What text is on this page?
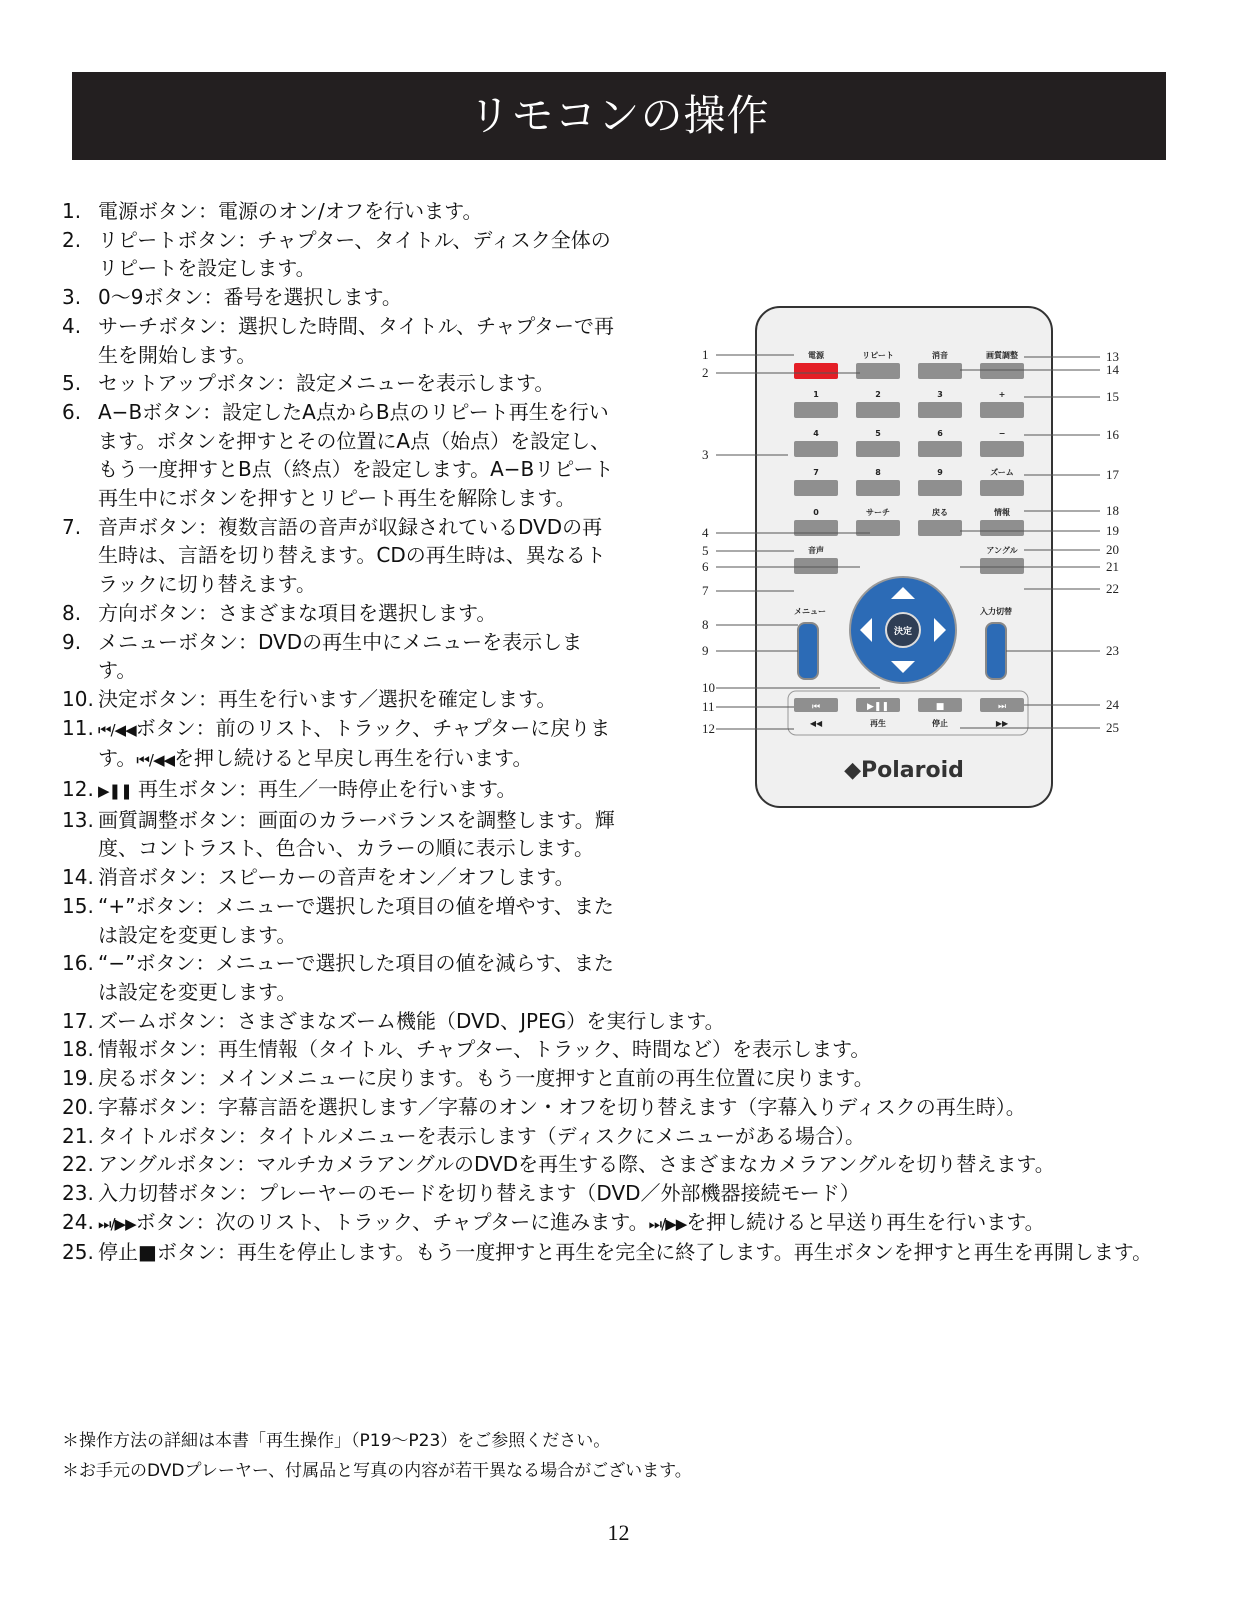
リモコンの操作
1. 電源ボタン：電源のオン/オフを行います。
2. リピートボタン：チャプター、タイトル、ディスク全体のリピートを設定します。
3. 0〜9ボタン：番号を選択します。
4. サーチボタン：選択した時間、タイトル、チャプターで再生を開始します。
5. セットアップボタン：設定メニューを表示します。
6. A−Bボタン：設定したA点からB点のリピート再生を行います。ボタンを押すとその位置にA点（始点）を設定し、もう一度押すとB点（終点）を設定します。A−Bリピート再生中にボタンを押すとリピート再生を解除します。
7. 音声ボタン：複数言語の音声が収録されているDVDの再生時は、言語を切り替えます。CDの再生時は、異なるトラックに切り替えます。
8. 方向ボタン：さまざまな項目を選択します。
9. メニューボタン：DVDの再生中にメニューを表示します。
10. 決定ボタン：再生を行います／選択を確定します。
11. ⏮/◀◀ボタン：前のリスト、トラック、チャプターに戻ります。⏮/◀◀を押し続けると早戻し再生を行います。
12. ▶❚❚ 再生ボタン：再生／一時停止を行います。
13. 画質調整ボタン：画面のカラーバランスを調整します。輝度、コントラスト、色合い、カラーの順に表示します。
14. 消音ボタン：スピーカーの音声をオン／オフします。
15. “+”ボタン：メニューで選択した項目の値を増やす、または設定を変更します。
16. “−”ボタン：メニューで選択した項目の値を減らす、または設定を変更します。
17. ズームボタン：さまざまなズーム機能（DVD、JPEG）を実行します。
18. 情報ボタン：再生情報（タイトル、チャプター、トラック、時間など）を表示します。
19. 戻るボタン：メインメニューに戻ります。もう一度押すと直前の再生位置に戻ります。
20. 字幕ボタン：字幕言語を選択します／字幕のオン・オフを切り替えます（字幕入りディスクの再生時）。
21. タイトルボタン：タイトルメニューを表示します（ディスクにメニューがある場合）。
22. アングルボタン：マルチカメラアングルのDVDを再生する際、さまざまなカメラアングルを切り替えます。
23. 入力切替ボタン：プレーヤーのモードを切り替えます（DVD／外部機器接続モード）
24. ⏭/▶▶ボタン：次のリスト、トラック、チャプターに進みます。⏭/▶▶を押し続けると早送り再生を行います。
25. 停止■ボタン：再生を停止します。もう一度押すと再生を完全に終了します。再生ボタンを押すと再生を再開します。
＊操作方法の詳細は本書「再生操作」（P19〜P23）をご参照ください。
＊お手元のDVDプレーヤー、付属品と写真の内容が若干異なる場合がございます。
電源	リピート	消音	画質調整
1	2	3	+
4	5	6	−
7	8	9	ズーム
0	サーチ	戻る	情報
音声	アングル
メニュー	入力切替
決定
⏮
◀◀
▶❚❚
再生
■
停止
⏭
▶▶
1
2
3
4
5
6
7
8
9
10
11
12
13
14
15
16
17
18
19
20
21
22
23
24
25
◆Polaroid
12
